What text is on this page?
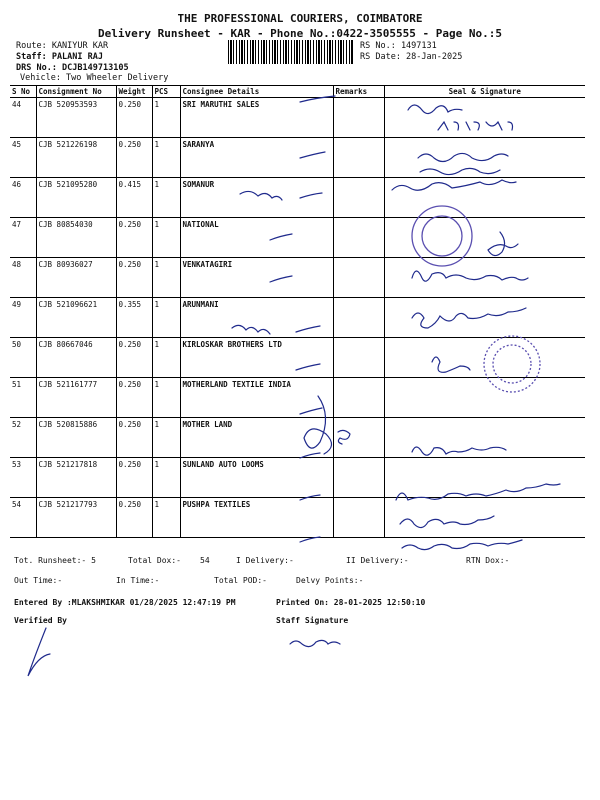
THE PROFESSIONAL COURIERS, COIMBATORE
Delivery Runsheet - KAR - Phone No.:0422-3505555 - Page No.:5
Route: KANIYUR KAR
Staff: PALANI RAJ
DRS No.: DCJB149713105
Vehicle: Two Wheeler Delivery
RS No.: 1497131
RS Date: 28-Jan-2025
S No	Consignment No	Weight	PCS	Consignee Details	Remarks	Seal & Signature
44	CJB 520953593	0.250	1	SRI MARUTHI SALES		
45	CJB 521226198	0.250	1	SARANYA		
46	CJB 521095280	0.415	1	SOMANUR		
47	CJB 80854030	0.250	1	NATIONAL		
48	CJB 80936027	0.250	1	VENKATAGIRI		
49	CJB 521096621	0.355	1	ARUNMANI		
50	CJB 80667046	0.250	1	KIRLOSKAR BROTHERS LTD		
51	CJB 521161777	0.250	1	MOTHERLAND TEXTILE INDIA		
52	CJB 520815886	0.250	1	MOTHER LAND		
53	CJB 521217818	0.250	1	SUNLAND AUTO LOOMS		
54	CJB 521217793	0.250	1	PUSHPA TEXTILES		
Tot. Runsheet:- 5	Total Dox:- 54	I Delivery:-	II Delivery:-	RTN Dox:-
Out Time:-	In Time:-	Total POD:-	Delvy Points:-
Entered By :MLAKSHMIKAR 01/28/2025 12:47:19 PM	Printed On: 28-01-2025 12:50:10
Verified By	Staff Signature
